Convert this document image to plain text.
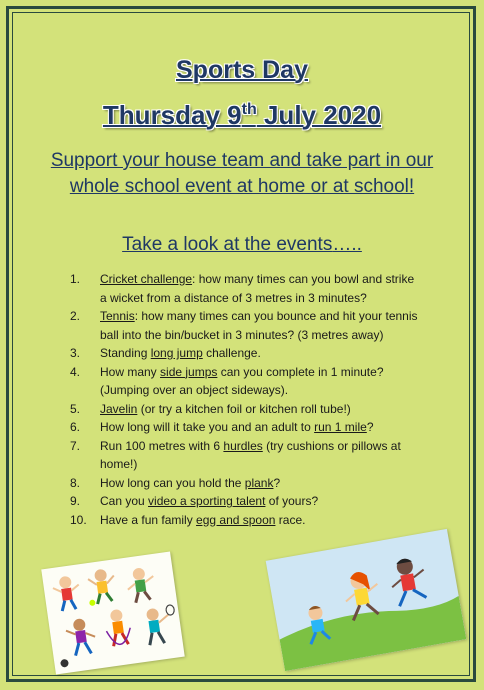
Sports Day
Thursday 9th July 2020
Support your house team and take part in our whole school event at home or at school!
Take a look at the events…..
1. Cricket challenge: how many times can you bowl and strike a wicket from a distance of 3 metres in 3 minutes?
2. Tennis: how many times can you bounce and hit your tennis ball into the bin/bucket in 3 minutes? (3 metres away)
3. Standing long jump challenge.
4. How many side jumps can you complete in 1 minute? (Jumping over an object sideways).
5. Javelin (or try a kitchen foil or kitchen roll tube!)
6. How long will it take you and an adult to run 1 mile?
7. Run 100 metres with 6 hurdles (try cushions or pillows at home!)
8. How long can you hold the plank?
9. Can you video a sporting talent of yours?
10. Have a fun family egg and spoon race.
